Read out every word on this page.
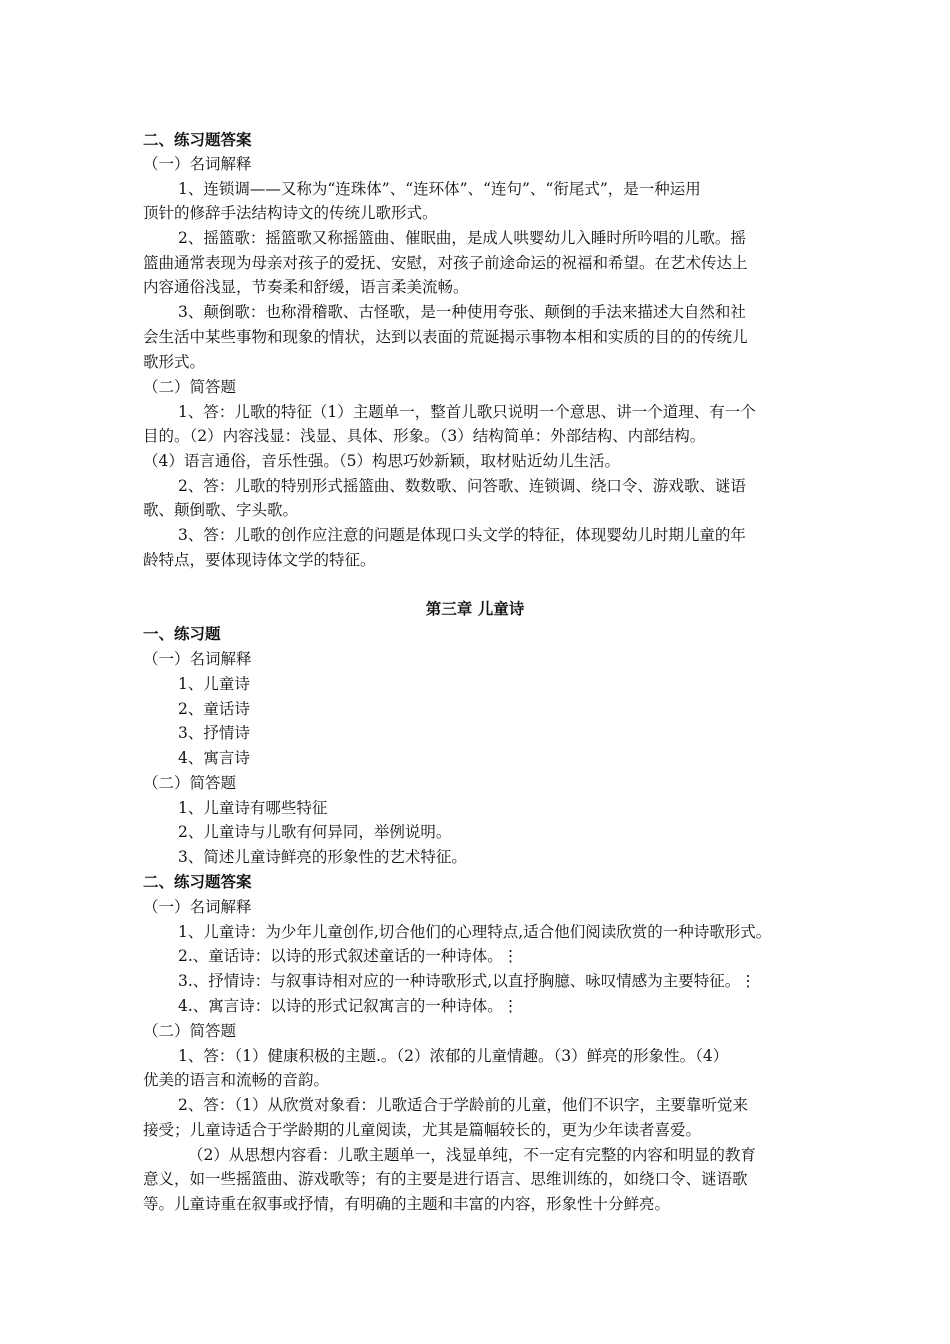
二、练习题答案
（一）名词解释
1、连锁调——又称为“连珠体”、“连环体”、“连句”、“衔尾式”，是一种运用
顶针的修辞手法结构诗文的传统儿歌形式。
2、摇篮歌：摇篮歌又称摇篮曲、催眠曲，是成人哄婴幼儿入睡时所吟唱的儿歌。摇
篮曲通常表现为母亲对孩子的爱抚、安慰，对孩子前途命运的祝福和希望。在艺术传达上
内容通俗浅显，节奏柔和舒缓，语言柔美流畅。
3、颠倒歌：也称滑稽歌、古怪歌，是一种使用夸张、颠倒的手法来描述大自然和社
会生活中某些事物和现象的情状，达到以表面的荒诞揭示事物本相和实质的目的的传统儿
歌形式。
（二）简答题
1、答：儿歌的特征（1）主题单一，整首儿歌只说明一个意思、讲一个道理、有一个
目的。（2）内容浅显：浅显、具体、形象。（3）结构简单：外部结构、内部结构。
（4）语言通俗，音乐性强。（5）构思巧妙新颖，取材贴近幼儿生活。
2、答：儿歌的特别形式摇篮曲、数数歌、问答歌、连锁调、绕口令、游戏歌、谜语
歌、颠倒歌、字头歌。
3、答：儿歌的创作应注意的问题是体现口头文学的特征，体现婴幼儿时期儿童的年
龄特点，要体现诗体文学的特征。
第三章 儿童诗
一、练习题
（一）名词解释
1、儿童诗
2、童话诗
3、抒情诗
4、寓言诗
（二）简答题
1、儿童诗有哪些特征
2、儿童诗与儿歌有何异同，举例说明。
3、简述儿童诗鲜亮的形象性的艺术特征。
二、练习题答案
（一）名词解释
1、儿童诗：为少年儿童创作,切合他们的心理特点,适合他们阅读欣赏的一种诗歌形式。
2.、童话诗：以诗的形式叙述童话的一种诗体。⋮
3.、抒情诗：与叙事诗相对应的一种诗歌形式,以直抒胸臆、咏叹情感为主要特征。⋮
4.、寓言诗：以诗的形式记叙寓言的一种诗体。⋮
（二）简答题
1、答：（1）健康积极的主题.。（2）浓郁的儿童情趣。（3）鲜亮的形象性。（4）
优美的语言和流畅的音韵。
2、答：（1）从欣赏对象看：儿歌适合于学龄前的儿童，他们不识字，主要靠听觉来
接受；儿童诗适合于学龄期的儿童阅读，尤其是篇幅较长的，更为少年读者喜爱。
（2）从思想内容看：儿歌主题单一，浅显单纯，不一定有完整的内容和明显的教育
意义，如一些摇篮曲、游戏歌等；有的主要是进行语言、思维训练的，如绕口令、谜语歌
等。儿童诗重在叙事或抒情，有明确的主题和丰富的内容，形象性十分鲜亮。
